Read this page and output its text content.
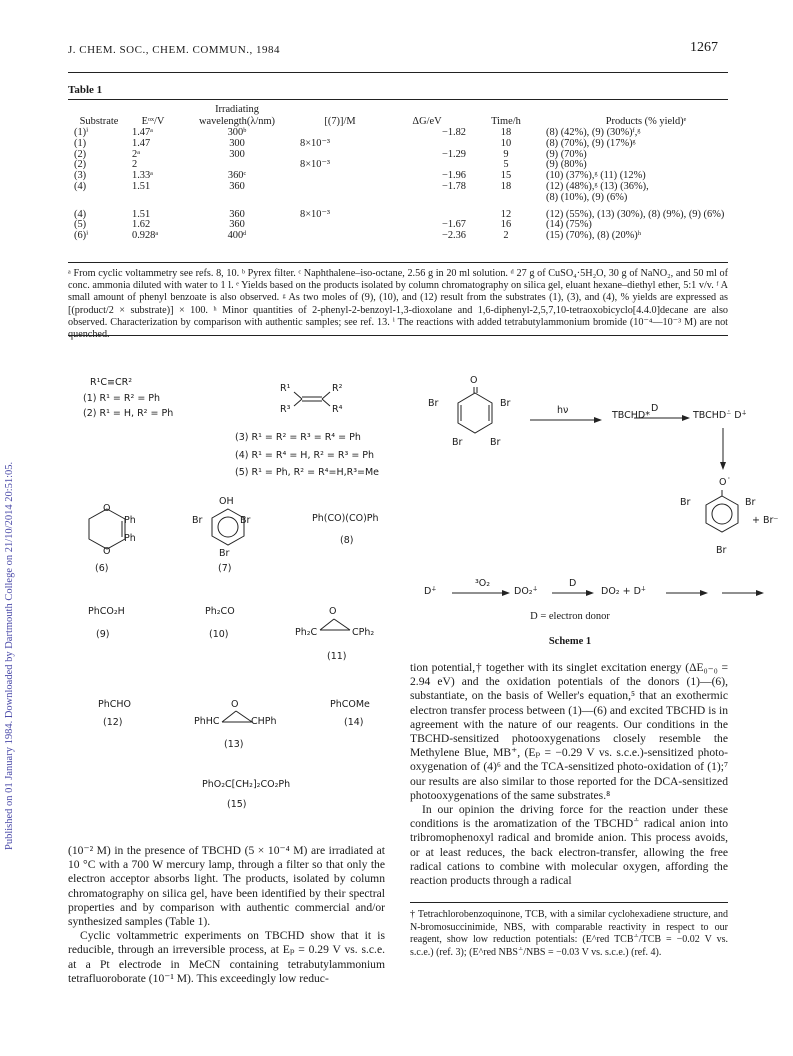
J. CHEM. SOC., CHEM. COMMUN., 1984	1267
Published on 01 January 1984. Downloaded by Dartmouth College on 21/10/2014 20:51:05.
Table 1
Substrate	Eᵒˣ/V	Irradiating wavelength(λ/nm)	[(7)]/M	ΔG/eV	Time/h	Products (% yield)ᵉ
(1)ⁱ	1.47ᵃ	300ᵇ		−1.82	18	(8) (42%), (9) (30%)ᶠ,ᵍ
(1)	1.47	300	8×10⁻³		10	(8) (70%), (9) (17%)ᵍ
(2)	2ᵃ	300		−1.29	9	(9) (70%)
(2)	2		8×10⁻³		5	(9) (80%)
(3)	1.33ᵃ	360ᶜ		−1.96	15	(10) (37%),ᵍ (11) (12%)
(4)	1.51	360		−1.78	18	(12) (48%),ᵍ (13) (36%),
						(8) (10%), (9) (6%)

(4)	1.51	360	8×10⁻³		12	(12) (55%), (13) (30%), (8) (9%), (9) (6%)
(5)	1.62	360		−1.67	16	(14) (75%)
(6)ⁱ	0.928ᵃ	400ᵈ		−2.36	2	(15) (70%), (8) (20%)ʰ
ᵃ From cyclic voltammetry see refs. 8, 10. ᵇ Pyrex filter. ᶜ Naphthalene–iso-octane, 2.56 g in 20 ml solution. ᵈ 27 g of CuSO₄·5H₂O, 30 g of NaNO₂, and 50 ml of conc. ammonia diluted with water to 1 l. ᵉ Yields based on the products isolated by column chromatography on silica gel, eluant hexane–diethyl ether, 5:1 v/v. ᶠ A small amount of phenyl benzoate is also observed. ᵍ As two moles of (9), (10), and (12) result from the substrates (1), (3), and (4), % yields are expressed as [(product/2 × substrate)] × 100. ʰ Minor quantities of 2-phenyl-2-benzoyl-1,3-dioxolane and 1,6-diphenyl-2,5,7,10-tetraoxobicyclo[4.4.0]decane are also observed. Characterization by comparison with authentic samples; see ref. 13. ⁱ The reactions with added tetrabutylammonium bromide (10⁻⁴—10⁻³ M) are not quenched.
R¹C≡CR²
(1) R¹ = R² = Ph
(2) R¹ = H, R² = Ph
R¹	R²
R³	R⁴
(3) R¹ = R² = R³ = R⁴ = Ph
(4) R¹ = R⁴ = H, R² = R³ = Ph
(5) R¹ = Ph, R² = R⁴=H,R³=Me
O
O
Ph
Ph
(6)
OH
Br	Br
Br
(7)
Ph(CO)(CO)Ph
(8)
PhCO₂H
(9)
Ph₂CO
(10)
O
Ph₂C	CPh₂
(11)
PhCHO
(12)
O
PhHC	CHPh
(13)
PhCOMe
(14)
PhO₂C[CH₂]₂CO₂Ph
(15)
O
Br	Br
Br	Br
hν	TBCHD*
D
TBCHD⁻̇ D⁺̇
O˙
Br	Br
Br
+ Br⁻
D⁺̇
³O₂
DO₂⁺̇
D
DO₂ + D⁺̇
D = electron donor
Scheme 1

(10⁻² M) in the presence of TBCHD (5 × 10⁻⁴ M) are irradiated at 10 °C with a 700 W mercury lamp, through a filter so that only the electron acceptor absorbs light. The products, isolated by column chromatography on silica gel, have been identified by their spectral properties and by comparison with authentic commercial and/or synthesized samples (Table 1).

Cyclic voltammetric experiments on TBCHD show that it is reducible, through an irreversible process, at Eₚ = 0.29 V vs. s.c.e. at a Pt electrode in MeCN containing tetrabutylammonium tetrafluoroborate (10⁻¹ M). This exceedingly low reduc-

tion potential,† together with its singlet excitation energy (ΔE₀₋₀ = 2.94 eV) and the oxidation potentials of the donors (1)—(6), substantiate, on the basis of Weller's equation,⁵ that an exothermic electron transfer process between (1)—(6) and excited TBCHD is in agreement with the nature of our reagents. Our conditions in the TBCHD-sensitized photooxygenations closely resemble the Methylene Blue, MB⁺, (Eₚ = −0.29 V vs. s.c.e.)-sensitized photo-oxygenation of (4)⁶ and the TCA-sensitized photo-oxidation of (1);⁷ our results are also similar to those reported for the DCA-sensitized photooxygenations of the same substrates.⁸

In our opinion the driving force for the reaction under these conditions is the aromatization of the TBCHD⁻̇ radical anion into tribromophenoxyl radical and bromide anion. This process avoids, or at least reduces, the back electron-transfer, allowing the free radical cations to combine with molecular oxygen, affording the reaction products through a radical

† Tetrachlorobenzoquinone, TCB, with a similar cyclohexadiene structure, and N-bromosuccinimide, NBS, with comparable reactivity in respect to our reagent, show low reduction potentials: (E^red TCB⁻̇/TCB = −0.02 V vs. s.c.e.) (ref. 3); (E^red NBS⁻̇/NBS = −0.03 V vs. s.c.e.) (ref. 4).
